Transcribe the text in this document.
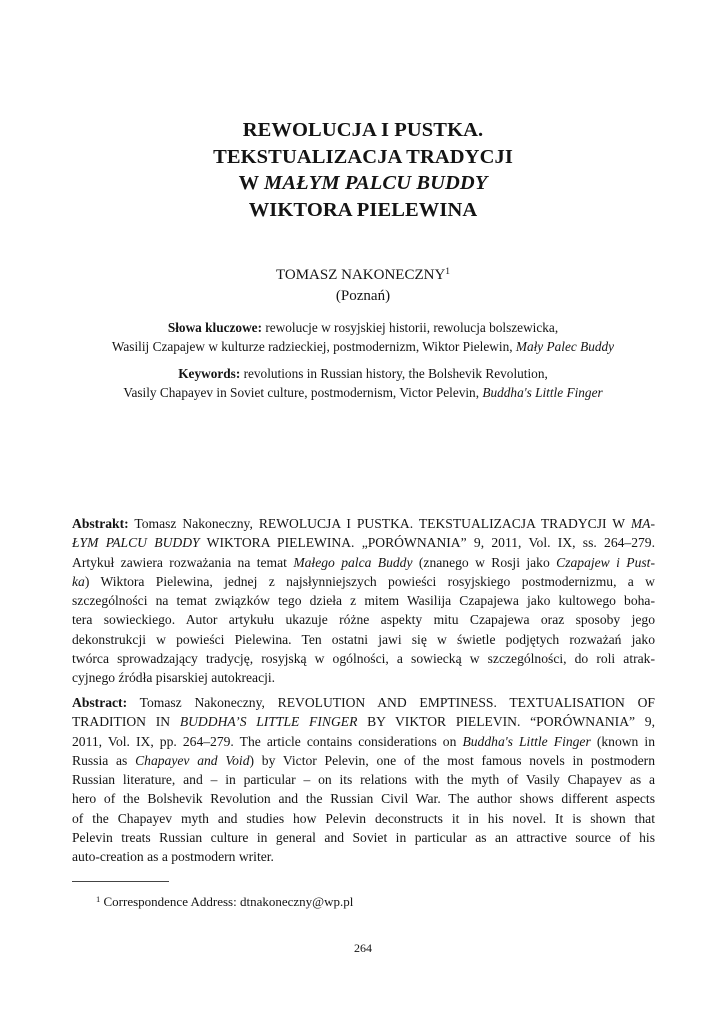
REWOLUCJA I PUSTKA.
TEKSTUALIZACJA TRADYCJI
W MAŁYM PALCU BUDDY
WIKTORA PIELEWINA
TOMASZ NAKONECZNY$^1$
(Poznań)
Słowa kluczowe: rewolucje w rosyjskiej historii, rewolucja bolszewicka,
Wasilij Czapajew w kulturze radzieckiej, postmodernizm, Wiktor Pielewin, Mały Palec Buddy
Keywords: revolutions in Russian history, the Bolshevik Revolution,
Vasily Chapayev in Soviet culture, postmodernism, Victor Pelevin, Buddha's Little Finger
Abstrakt: Tomasz Nakoneczny, REWOLUCJA I PUSTKA. TEKSTUALIZACJA TRADYCJI W MA-
ŁYM PALCU BUDDY WIKTORA PIELEWINA. „PORÓWNANIA” 9, 2011, Vol. IX, ss. 264–279.
Artykuł zawiera rozważania na temat Małego palca Buddy (znanego w Rosji jako Czapajew i Pust-
ka) Wiktora Pielewina, jednej z najsłynniejszych powieści rosyjskiego postmodernizmu, a w
szczególności na temat związków tego dzieła z mitem Wasilija Czapajewa jako kultowego boha-
tera sowieckiego. Autor artykułu ukazuje różne aspekty mitu Czapajewa oraz sposoby jego
dekonstrukcji w powieści Pielewina. Ten ostatni jawi się w świetle podjętych rozważań jako
twórca sprowadzający tradycję, rosyjską w ogólności, a sowiecką w szczególności, do roli atrak-
cyjnego źródła pisarskiej autokreacji.
Abstract: Tomasz Nakoneczny, REVOLUTION AND EMPTINESS. TEXTUALISATION OF
TRADITION IN BUDDHA’S LITTLE FINGER BY VIKTOR PIELEVIN. “PORÓWNANIA” 9,
2011, Vol. IX, pp. 264–279. The article contains considerations on Buddha's Little Finger (known in
Russia as Chapayev and Void) by Victor Pelevin, one of the most famous novels in postmodern
Russian literature, and – in particular – on its relations with the myth of Vasily Chapayev as a
hero of the Bolshevik Revolution and the Russian Civil War. The author shows different aspects
of the Chapayev myth and studies how Pelevin deconstructs it in his novel. It is shown that
Pelevin treats Russian culture in general and Soviet in particular as an attractive source of his
auto-creation as a postmodern writer.
$^1$ Correspondence Address: dtnakoneczny@wp.pl
264
